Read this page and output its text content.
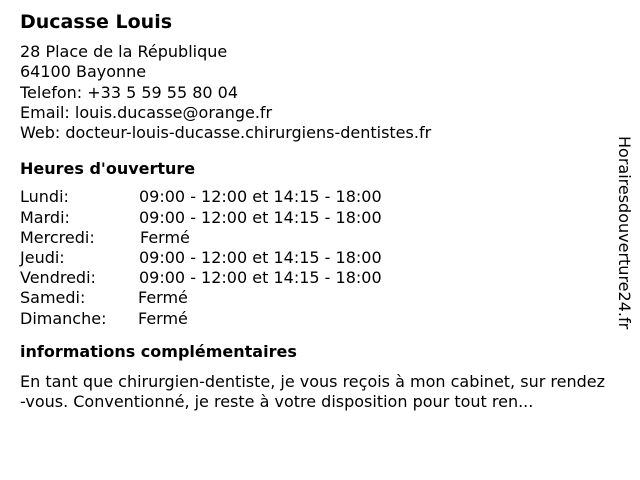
Ducasse Louis
28 Place de la République
64100 Bayonne
Telefon: +33 5 59 55 80 04
Email: louis.ducasse@orange.fr
Web: docteur-louis-ducasse.chirurgiens-dentistes.fr
Heures d'ouverture
Lundi:	09:00 - 12:00 et 14:15 - 18:00
Mardi:	09:00 - 12:00 et 14:15 - 18:00
Mercredi:	Fermé
Jeudi:	09:00 - 12:00 et 14:15 - 18:00
Vendredi:	09:00 - 12:00 et 14:15 - 18:00
Samedi:	Fermé
Dimanche: Fermé
informations complémentaires
En tant que chirurgien-dentiste, je vous reçois à mon cabinet, sur rendez-vous. Conventionné, je reste à votre disposition pour tout ren...
Horairesdouverture24.fr
